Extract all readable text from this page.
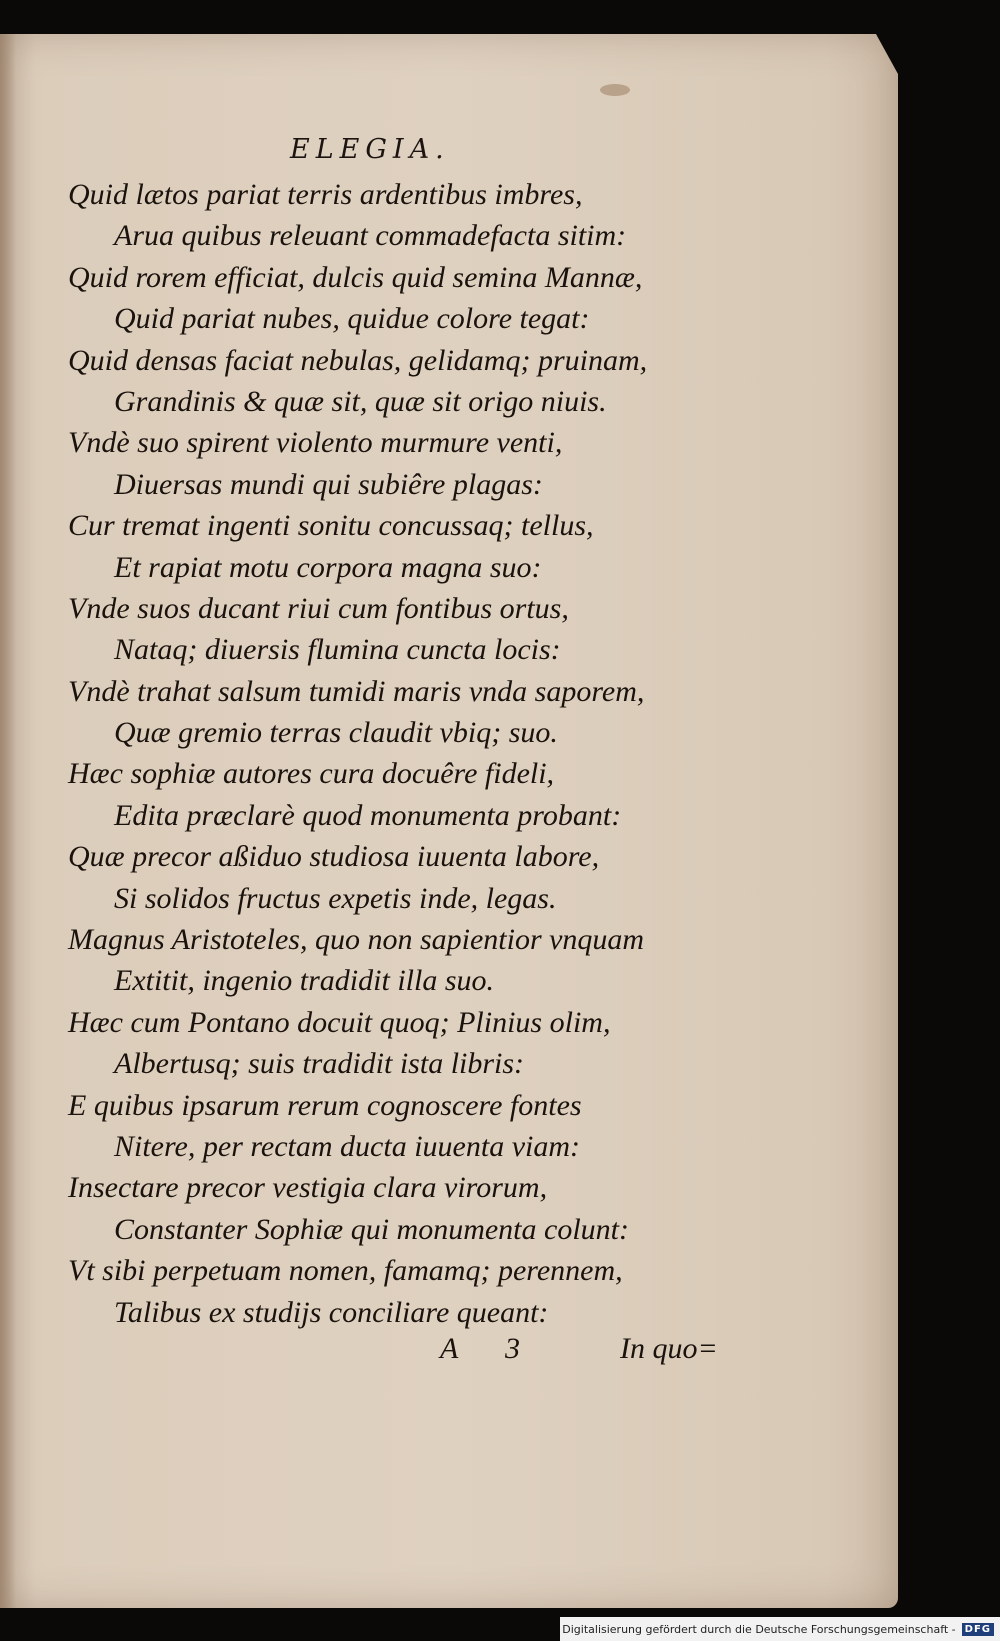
ELEGIA.
Quid lætos pariat terris ardentibus imbres,
Arua quibus releuant commadefacta sitim:
Quid rorem efficiat, dulcis quid semina Mannæ,
Quid pariat nubes, quidue colore tegat:
Quid densas faciat nebulas, gelidamq; pruinam,
Grandinis & quæ sit, quæ sit origo niuis.
Vndè suo spirent violento murmure venti,
Diuersas mundi qui subiêre plagas:
Cur tremat ingenti sonitu concussaq; tellus,
Et rapiat motu corpora magna suo:
Vnde suos ducant riui cum fontibus ortus,
Nataq; diuersis flumina cuncta locis:
Vndè trahat salsum tumidi maris vnda saporem,
Quæ gremio terras claudit vbiq; suo.
Hæc sophiæ autores cura docuêre fideli,
Edita præclarè quod monumenta probant:
Quæ precor aßiduo studiosa iuuenta labore,
Si solidos fructus expetis inde, legas.
Magnus Aristoteles, quo non sapientior vnquam
Extitit, ingenio tradidit illa suo.
Hæc cum Pontano docuit quoq; Plinius olim,
Albertusq; suis tradidit ista libris:
E quibus ipsarum rerum cognoscere fontes
Nitere, per rectam ducta iuuenta viam:
Insectare precor vestigia clara virorum,
Constanter Sophiæ qui monumenta colunt:
Vt sibi perpetuam nomen, famamq; perennem,
Talibus ex studijs conciliare queant:
A 3	In quo=
Digitalisierung gefördert durch die Deutsche Forschungsgemeinschaft - DFG
